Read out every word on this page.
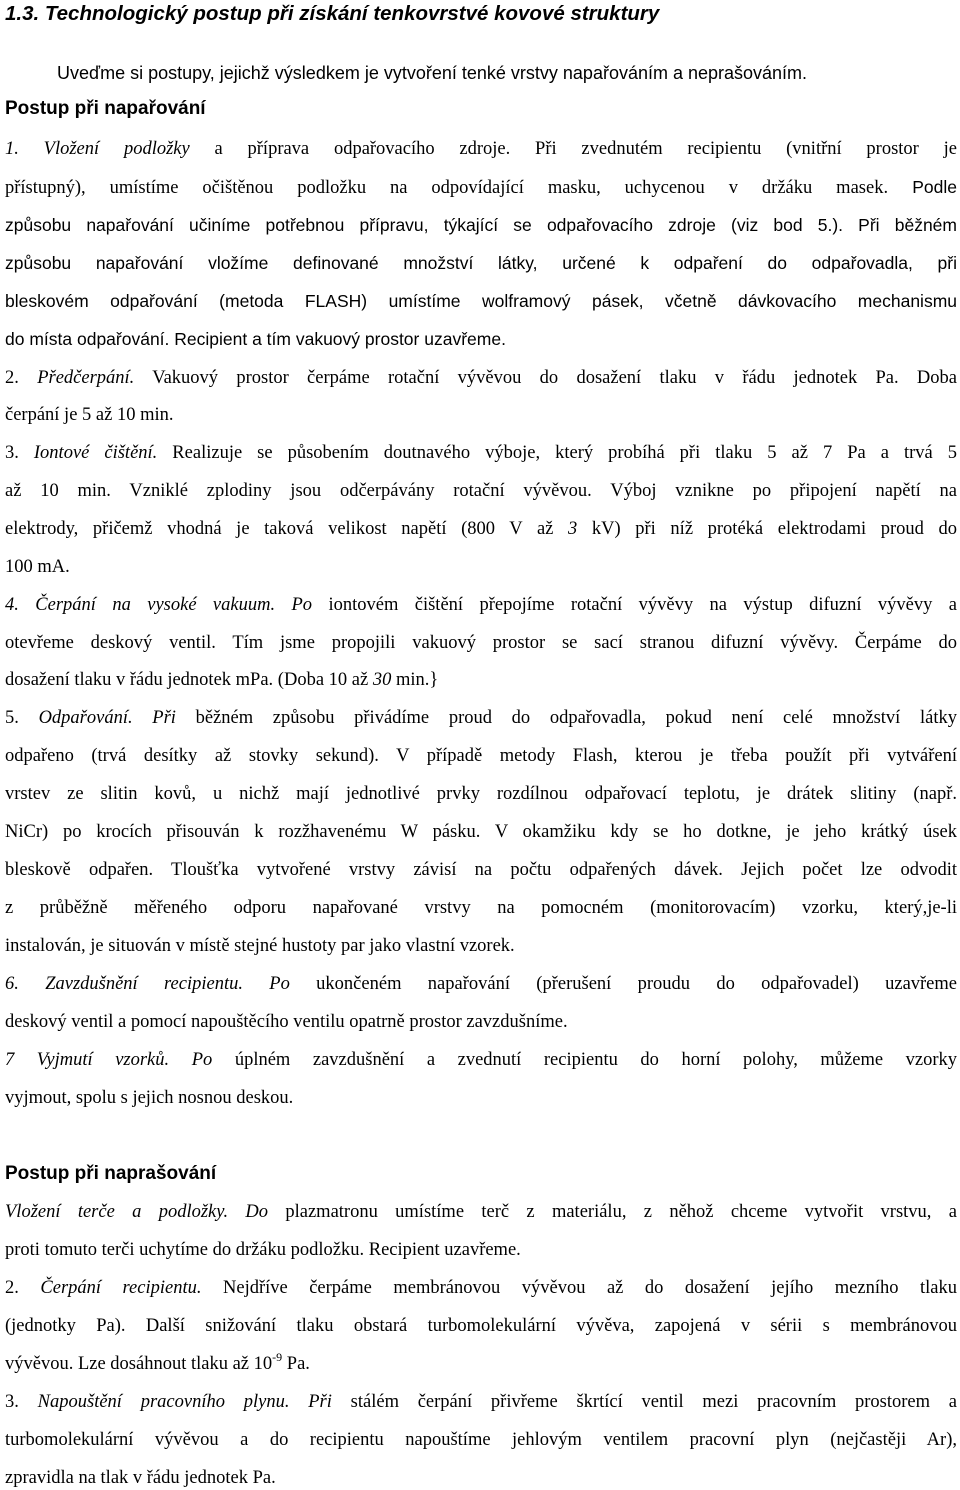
1.3. Technologický postup při získání tenkovrstvé kovové struktury
Uveďme si postupy, jejichž výsledkem je vytvoření tenké vrstvy napařováním a neprašováním.
Postup při napařování
1. Vložení podložky a příprava odpařovacího zdroje. Při zvednutém recipientu (vnitřní prostor je
přístupný), umístíme očištěnou podložku na odpovídající masku, uchycenou v držáku masek. Podle
způsobu napařování učiníme potřebnou přípravu, týkající se odpařovacího zdroje (viz bod 5.). Při běžném
způsobu napařování vložíme definované množství látky, určené k odpaření do odpařovadla, při
bleskovém odpařování (metoda FLASH) umístíme wolframový pásek, včetně dávkovacího mechanismu
do místa odpařování. Recipient a tím vakuový prostor uzavřeme.
2. Předčerpání. Vakuový prostor čerpáme rotační vývěvou do dosažení tlaku v řádu jednotek Pa. Doba
čerpání je 5 až 10 min.
3. Iontové čištění. Realizuje se působením doutnavého výboje, který probíhá při tlaku 5 až 7 Pa a trvá 5
až 10 min. Vzniklé zplodiny jsou odčerpávány rotační vývěvou. Výboj vznikne po připojení napětí na
elektrody, přičemž vhodná je taková velikost napětí (800 V až 3 kV) při níž protéká elektrodami proud do
100 mA.
4. Čerpání na vysoké vakuum. Po iontovém čištění přepojíme rotační vývěvy na výstup difuzní vývěvy a
otevřeme deskový ventil. Tím jsme propojili vakuový prostor se sací stranou difuzní vývěvy. Čerpáme do
dosažení tlaku v řádu jednotek mPa. (Doba 10 až 30 min.}
5. Odpařování. Při běžném způsobu přivádíme proud do odpařovadla, pokud není celé množství látky
odpařeno (trvá desítky až stovky sekund). V případě metody Flash, kterou je třeba použít při vytváření
vrstev ze slitin kovů, u nichž mají jednotlivé prvky rozdílnou odpařovací teplotu, je drátek slitiny (např.
NiCr) po krocích přisouván k rozžhavenému W pásku. V okamžiku kdy se ho dotkne, je jeho krátký úsek
bleskově odpařen. Tloušťka vytvořené vrstvy závisí na počtu odpařených dávek. Jejich počet lze odvodit
z průběžně měřeného odporu napařované vrstvy na pomocném (monitorovacím) vzorku, který,je-li
instalován, je situován v místě stejné hustoty par jako vlastní vzorek.
6. Zavzdušnění recipientu. Po ukončeném napařování (přerušení proudu do odpařovadel) uzavřeme
deskový ventil a pomocí napouštěcího ventilu opatrně prostor zavzdušníme.
7 Vyjmutí vzorků. Po úplném zavzdušnění a zvednutí recipientu do horní polohy, můžeme vzorky
vyjmout, spolu s jejich nosnou deskou.
Postup při naprašování
Vložení terče a podložky. Do plazmatronu umístíme terč z materiálu, z něhož chceme vytvořit vrstvu, a
proti tomuto terči uchytíme do držáku podložku. Recipient uzavřeme.
2. Čerpání recipientu. Nejdříve čerpáme membránovou vývěvou až do dosažení jejího mezního tlaku
(jednotky Pa). Další snižování tlaku obstará turbomolekulární vývěva, zapojená v sérii s membránovou
vývěvou. Lze dosáhnout tlaku až $10^{-9}$ Pa.
3. Napouštění pracovního plynu. Při stálém čerpání přivřeme škrtící ventil mezi pracovním prostorem a
turbomolekulární vývěvou a do recipientu napouštíme jehlovým ventilem pracovní plyn (nejčastěji Ar),
zpravidla na tlak v řádu jednotek Pa.
